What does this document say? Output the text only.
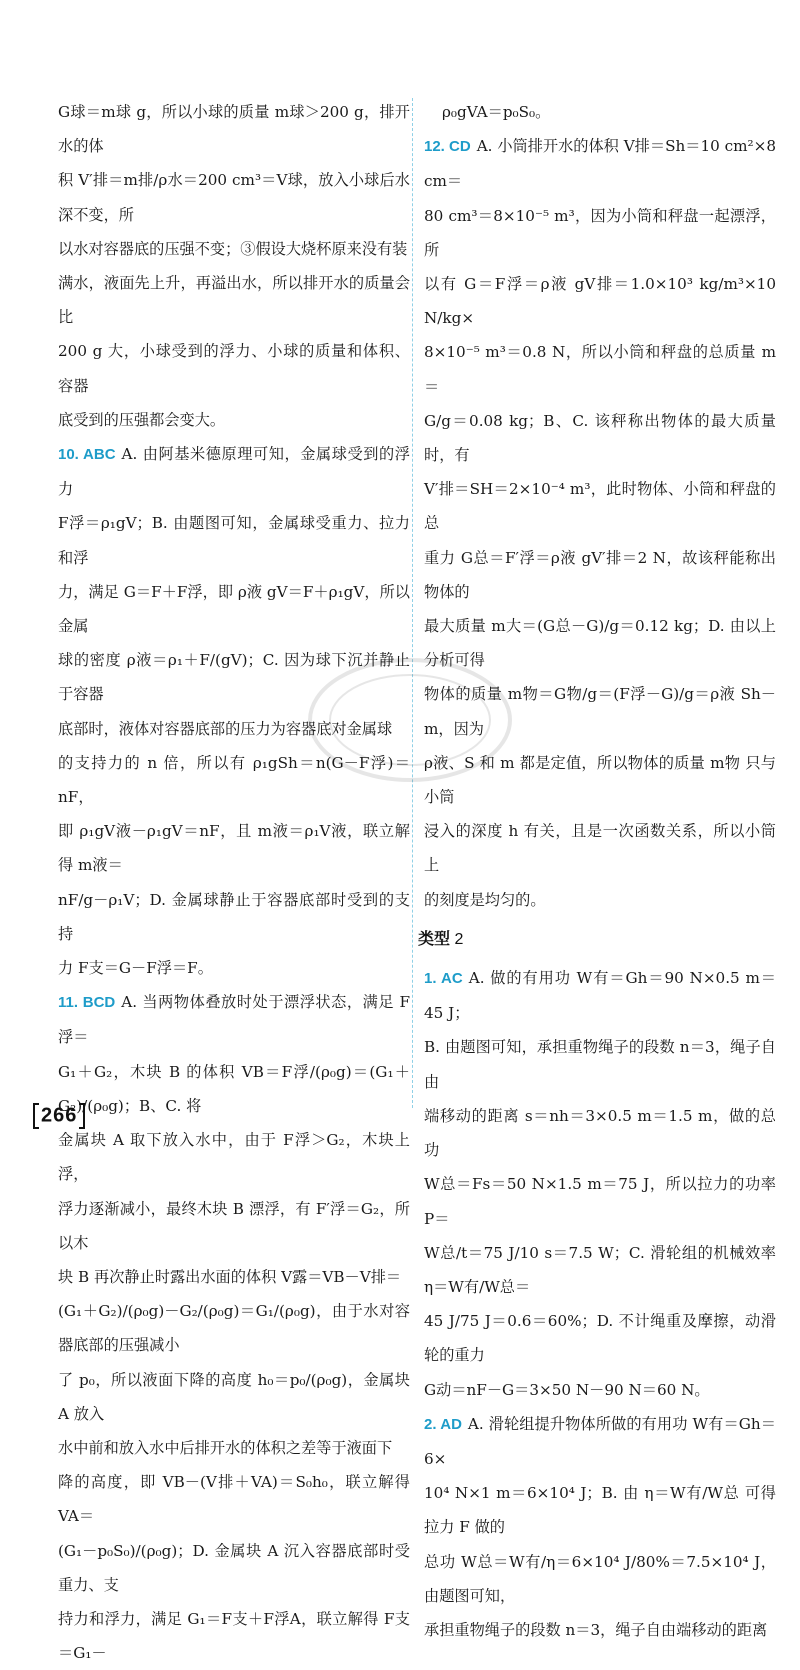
G球＝m球 g，所以小球的质量 m球＞200 g，排开水的体
积 V′排＝m排/ρ水＝200 cm³＝V球，放入小球后水深不变，所
以水对容器底的压强不变；③假设大烧杯原来没有装
满水，液面先上升，再溢出水，所以排开水的质量会比
200 g 大，小球受到的浮力、小球的质量和体积、容器
底受到的压强都会变大。
10. ABC A. 由阿基米德原理可知，金属球受到的浮力
F浮＝ρ₁gV；B. 由题图可知，金属球受重力、拉力和浮
力，满足 G＝F＋F浮，即 ρ液 gV＝F＋ρ₁gV，所以金属
球的密度 ρ液＝ρ₁＋F/(gV)；C. 因为球下沉并静止于容器
底部时，液体对容器底部的压力为容器底对金属球
的支持力的 n 倍，所以有 ρ₁gSh＝n(G－F浮)＝nF，
即 ρ₁gV液－ρ₁gV＝nF，且 m液＝ρ₁V液，联立解得 m液＝
nF/g－ρ₁V；D. 金属球静止于容器底部时受到的支持
力 F支＝G－F浮＝F。
11. BCD A. 当两物体叠放时处于漂浮状态，满足 F浮＝
G₁＋G₂，木块 B 的体积 VB＝F浮/(ρ₀g)＝(G₁＋G₂)/(ρ₀g)；B、C. 将
金属块 A 取下放入水中，由于 F浮＞G₂，木块上浮，
浮力逐渐减小，最终木块 B 漂浮，有 F′浮＝G₂，所以木
块 B 再次静止时露出水面的体积 V露＝VB－V排＝
(G₁＋G₂)/(ρ₀g)－G₂/(ρ₀g)＝G₁/(ρ₀g)，由于水对容器底部的压强减小
了 p₀，所以液面下降的高度 h₀＝p₀/(ρ₀g)，金属块 A 放入
水中前和放入水中后排开水的体积之差等于液面下
降的高度，即 VB－(V排＋VA)＝S₀h₀，联立解得 VA＝
(G₁－p₀S₀)/(ρ₀g)；D. 金属块 A 沉入容器底部时受重力、支
持力和浮力，满足 G₁＝F支＋F浮A，联立解得 F支＝G₁－
ρ₀gVA＝p₀S₀。
12. CD A. 小筒排开水的体积 V排＝Sh＝10 cm²×8 cm＝
80 cm³＝8×10⁻⁵ m³，因为小筒和秤盘一起漂浮，所
以有 G＝F浮＝ρ液 gV排＝1.0×10³ kg/m³×10 N/kg×
8×10⁻⁵ m³＝0.8 N，所以小筒和秤盘的总质量 m＝
G/g＝0.08 kg；B、C. 该秤称出物体的最大质量时，有
V′排＝SH＝2×10⁻⁴ m³，此时物体、小筒和秤盘的总
重力 G总＝F′浮＝ρ液 gV′排＝2 N，故该秤能称出物体的
最大质量 m大＝(G总－G)/g＝0.12 kg；D. 由以上分析可得
物体的质量 m物＝G物/g＝(F浮－G)/g＝ρ液 Sh－m，因为
ρ液、S 和 m 都是定值，所以物体的质量 m物 只与小筒
浸入的深度 h 有关，且是一次函数关系，所以小筒上
的刻度是均匀的。
类型 2
1. AC A. 做的有用功 W有＝Gh＝90 N×0.5 m＝45 J；
B. 由题图可知，承担重物绳子的段数 n＝3，绳子自由
端移动的距离 s＝nh＝3×0.5 m＝1.5 m，做的总功
W总＝Fs＝50 N×1.5 m＝75 J，所以拉力的功率 P＝
W总/t＝75 J/10 s＝7.5 W；C. 滑轮组的机械效率 η＝W有/W总＝
45 J/75 J＝0.6＝60%；D. 不计绳重及摩擦，动滑轮的重力
G动＝nF－G＝3×50 N－90 N＝60 N。
2. AD A. 滑轮组提升物体所做的有用功 W有＝Gh＝6×
10⁴ N×1 m＝6×10⁴ J；B. 由 η＝W有/W总 可得拉力 F 做的
总功 W总＝W有/η＝6×10⁴ J/80%＝7.5×10⁴ J，由题图可知，
承担重物绳子的段数 n＝3，绳子自由端移动的距离
266
